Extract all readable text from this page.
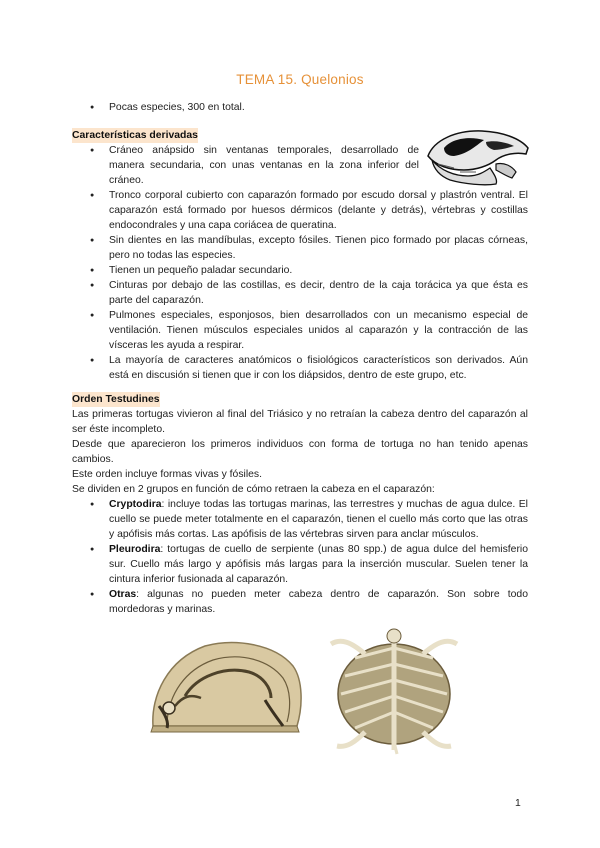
TEMA 15. Quelonios
● Pocas especies, 300 en total.
Características derivadas
● Cráneo anápsido sin ventanas temporales, desarrollado de manera secundaria, con unas ventanas en la zona inferior del cráneo.
● Tronco corporal cubierto con caparazón formado por escudo dorsal y plastrón ventral. El caparazón está formado por huesos dérmicos (delante y detrás), vértebras y costillas endocondrales y una capa coriácea de queratina.
● Sin dientes en las mandíbulas, excepto fósiles. Tienen pico formado por placas córneas, pero no todas las especies.
● Tienen un pequeño paladar secundario.
● Cinturas por debajo de las costillas, es decir, dentro de la caja torácica ya que ésta es parte del caparazón.
● Pulmones especiales, esponjosos, bien desarrollados con un mecanismo especial de ventilación. Tienen músculos especiales unidos al caparazón y la contracción de las vísceras les ayuda a respirar.
● La mayoría de caracteres anatómicos o fisiológicos característicos son derivados. Aún está en discusión si tienen que ir con los diápsidos, dentro de este grupo, etc.
Orden Testudines

Las primeras tortugas vivieron al final del Triásico y no retraían la cabeza dentro del caparazón al ser éste incompleto.

Desde que aparecieron los primeros individuos con forma de tortuga no han tenido apenas cambios.

Este orden incluye formas vivas y fósiles.

Se dividen en 2 grupos en función de cómo retraen la cabeza en el caparazón:

● Cryptodira: incluye todas las tortugas marinas, las terrestres y muchas de agua dulce. El cuello se puede meter totalmente en el caparazón, tienen el cuello más corto que las otras y apófisis más cortas. Las apófisis de las vértebras sirven para anclar músculos.
● Pleurodira: tortugas de cuello de serpiente (unas 80 spp.) de agua dulce del hemisferio sur. Cuello más largo y apófisis más largas para la inserción muscular. Suelen tener la cintura inferior fusionada al caparazón.
● Otras: algunas no pueden meter cabeza dentro de caparazón. Son sobre todo mordedoras y marinas.
1
